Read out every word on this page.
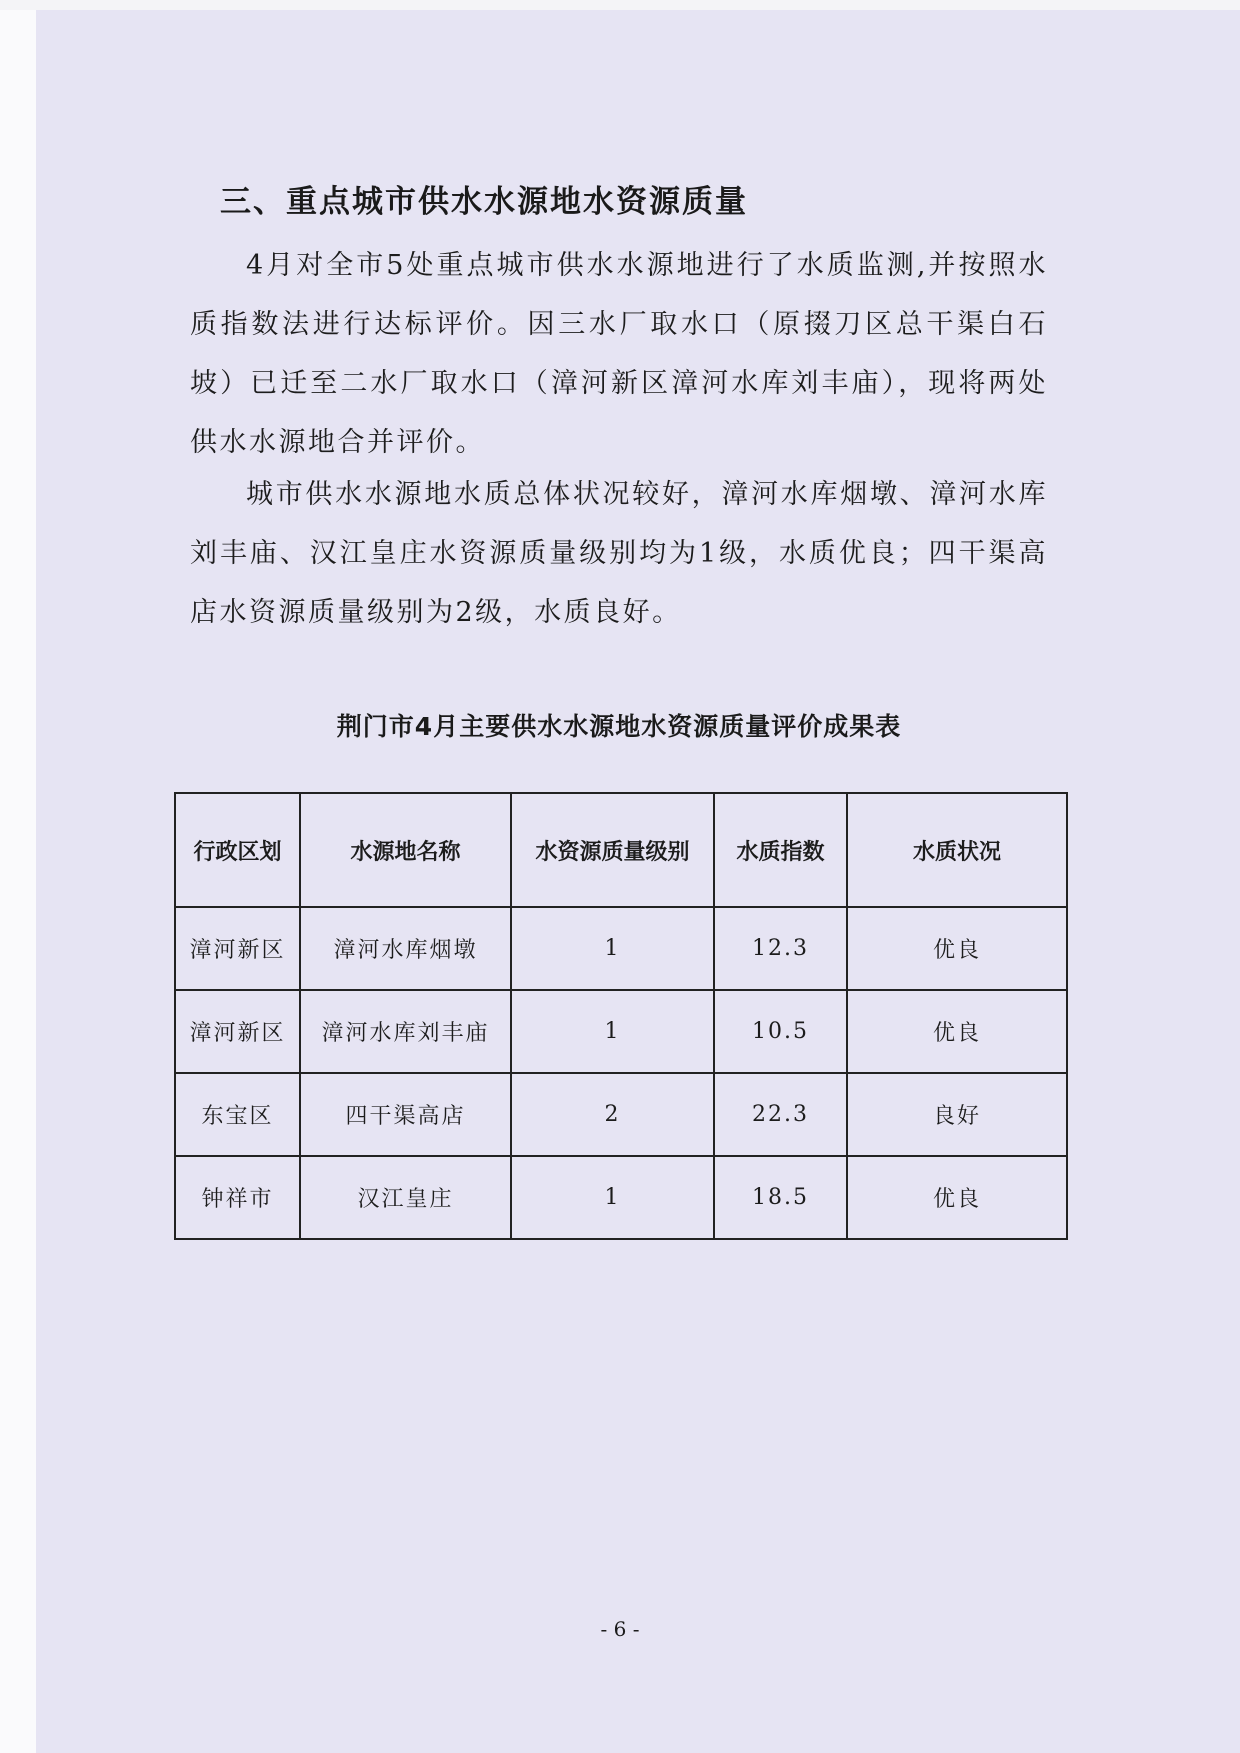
三、重点城市供水水源地水资源质量

4月对全市5处重点城市供水水源地进行了水质监测,并按照水质指数法进行达标评价。因三水厂取水口（原掇刀区总干渠白石坡）已迁至二水厂取水口（漳河新区漳河水库刘丰庙），现将两处供水水源地合并评价。

城市供水水源地水质总体状况较好，漳河水库烟墩、漳河水库刘丰庙、汉江皇庄水资源质量级别均为1级，水质优良；四干渠高店水资源质量级别为2级，水质良好。

荆门市4月主要供水水源地水资源质量评价成果表

行政区划	水源地名称	水资源质量级别	水质指数	水质状况
漳河新区	漳河水库烟墩	1	12.3	优良
漳河新区	漳河水库刘丰庙	1	10.5	优良
东宝区	四干渠高店	2	22.3	良好
钟祥市	汉江皇庄	1	18.5	优良

- 6 -
